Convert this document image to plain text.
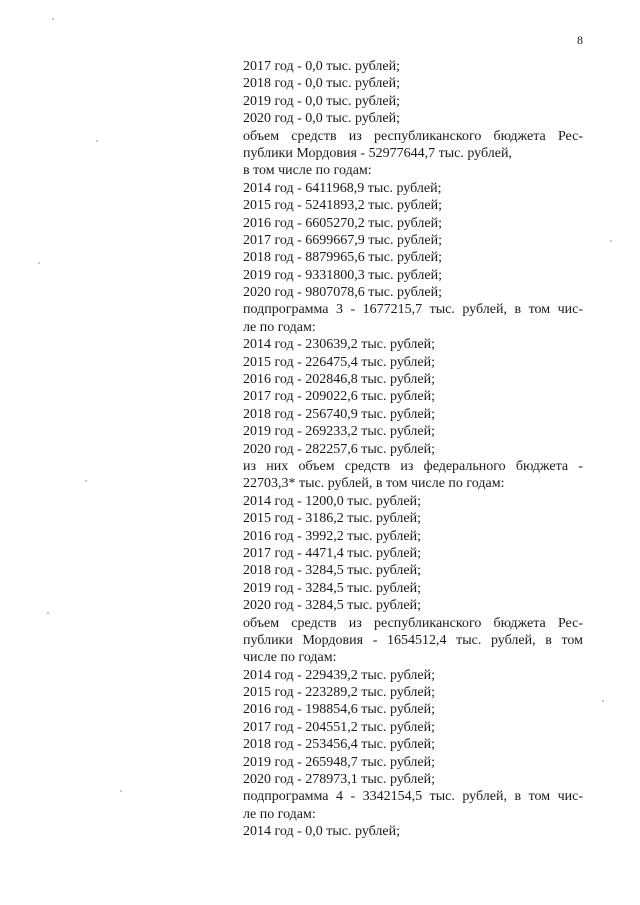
8
2017 год - 0,0 тыс. рублей;
2018 год - 0,0 тыс. рублей;
2019 год - 0,0 тыс. рублей;
2020 год - 0,0 тыс. рублей;
объем средств из республиканского бюджета Рес-
публики Мордовия - 52977644,7 тыс. рублей,
в том числе по годам:
2014 год - 6411968,9 тыс. рублей;
2015 год - 5241893,2 тыс. рублей;
2016 год - 6605270,2 тыс. рублей;
2017 год - 6699667,9 тыс. рублей;
2018 год - 8879965,6 тыс. рублей;
2019 год - 9331800,3 тыс. рублей;
2020 год - 9807078,6 тыс. рублей;
подпрограмма 3 - 1677215,7 тыс. рублей, в том чис-
ле по годам:
2014 год - 230639,2 тыс. рублей;
2015 год - 226475,4 тыс. рублей;
2016 год - 202846,8 тыс. рублей;
2017 год - 209022,6 тыс. рублей;
2018 год - 256740,9 тыс. рублей;
2019 год - 269233,2 тыс. рублей;
2020 год - 282257,6 тыс. рублей;
из них объем средств из федерального бюджета -
22703,3* тыс. рублей, в том числе по годам:
2014 год - 1200,0 тыс. рублей;
2015 год - 3186,2 тыс. рублей;
2016 год - 3992,2 тыс. рублей;
2017 год - 4471,4 тыс. рублей;
2018 год - 3284,5 тыс. рублей;
2019 год - 3284,5 тыс. рублей;
2020 год - 3284,5 тыс. рублей;
объем средств из республиканского бюджета Рес-
публики Мордовия - 1654512,4 тыс. рублей, в том
числе по годам:
2014 год - 229439,2 тыс. рублей;
2015 год - 223289,2 тыс. рублей;
2016 год - 198854,6 тыс. рублей;
2017 год - 204551,2 тыс. рублей;
2018 год - 253456,4 тыс. рублей;
2019 год - 265948,7 тыс. рублей;
2020 год - 278973,1 тыс. рублей;
подпрограмма 4 - 3342154,5 тыс. рублей, в том чис-
ле по годам:
2014 год - 0,0 тыс. рублей;
